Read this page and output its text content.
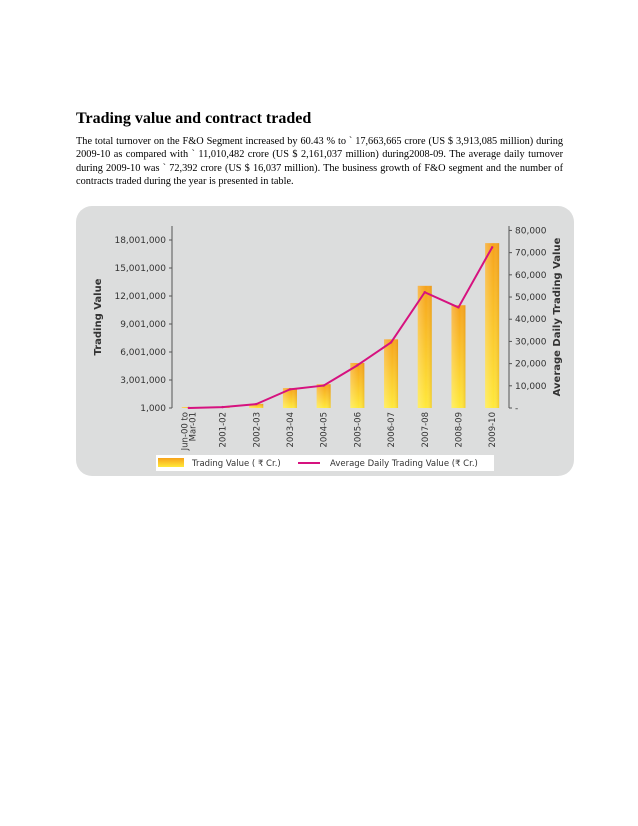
Trading value and contract traded

The total turnover on the F&O Segment increased by 60.43 % to ` 17,663,665 crore (US $ 3,913,085 million) during 2009-10 as compared with ` 11,010,482 crore (US $ 2,161,037 million) during2008-09. The average daily turnover during 2009-10 was ` 72,392 crore (US $ 16,037 million). The business growth of F&O segment and the number of contracts traded during the year is presented in table.

Trading Value	Average Daily Trading Value
1,000
3,001,000
6,001,000
9,001,000
12,001,000
15,001,000
18,001,000
-
10,000
20,000
30,000
40,000
50,000
60,000
70,000
80,000
Jun-00 toMar-01 2001-02	2002-03	2003-04	2004-05	2005-06	2006-07	2007-08	2008-09	2009-10
Trading Value ( ₹ Cr.)	Average Daily Trading Value (₹ Cr.)
